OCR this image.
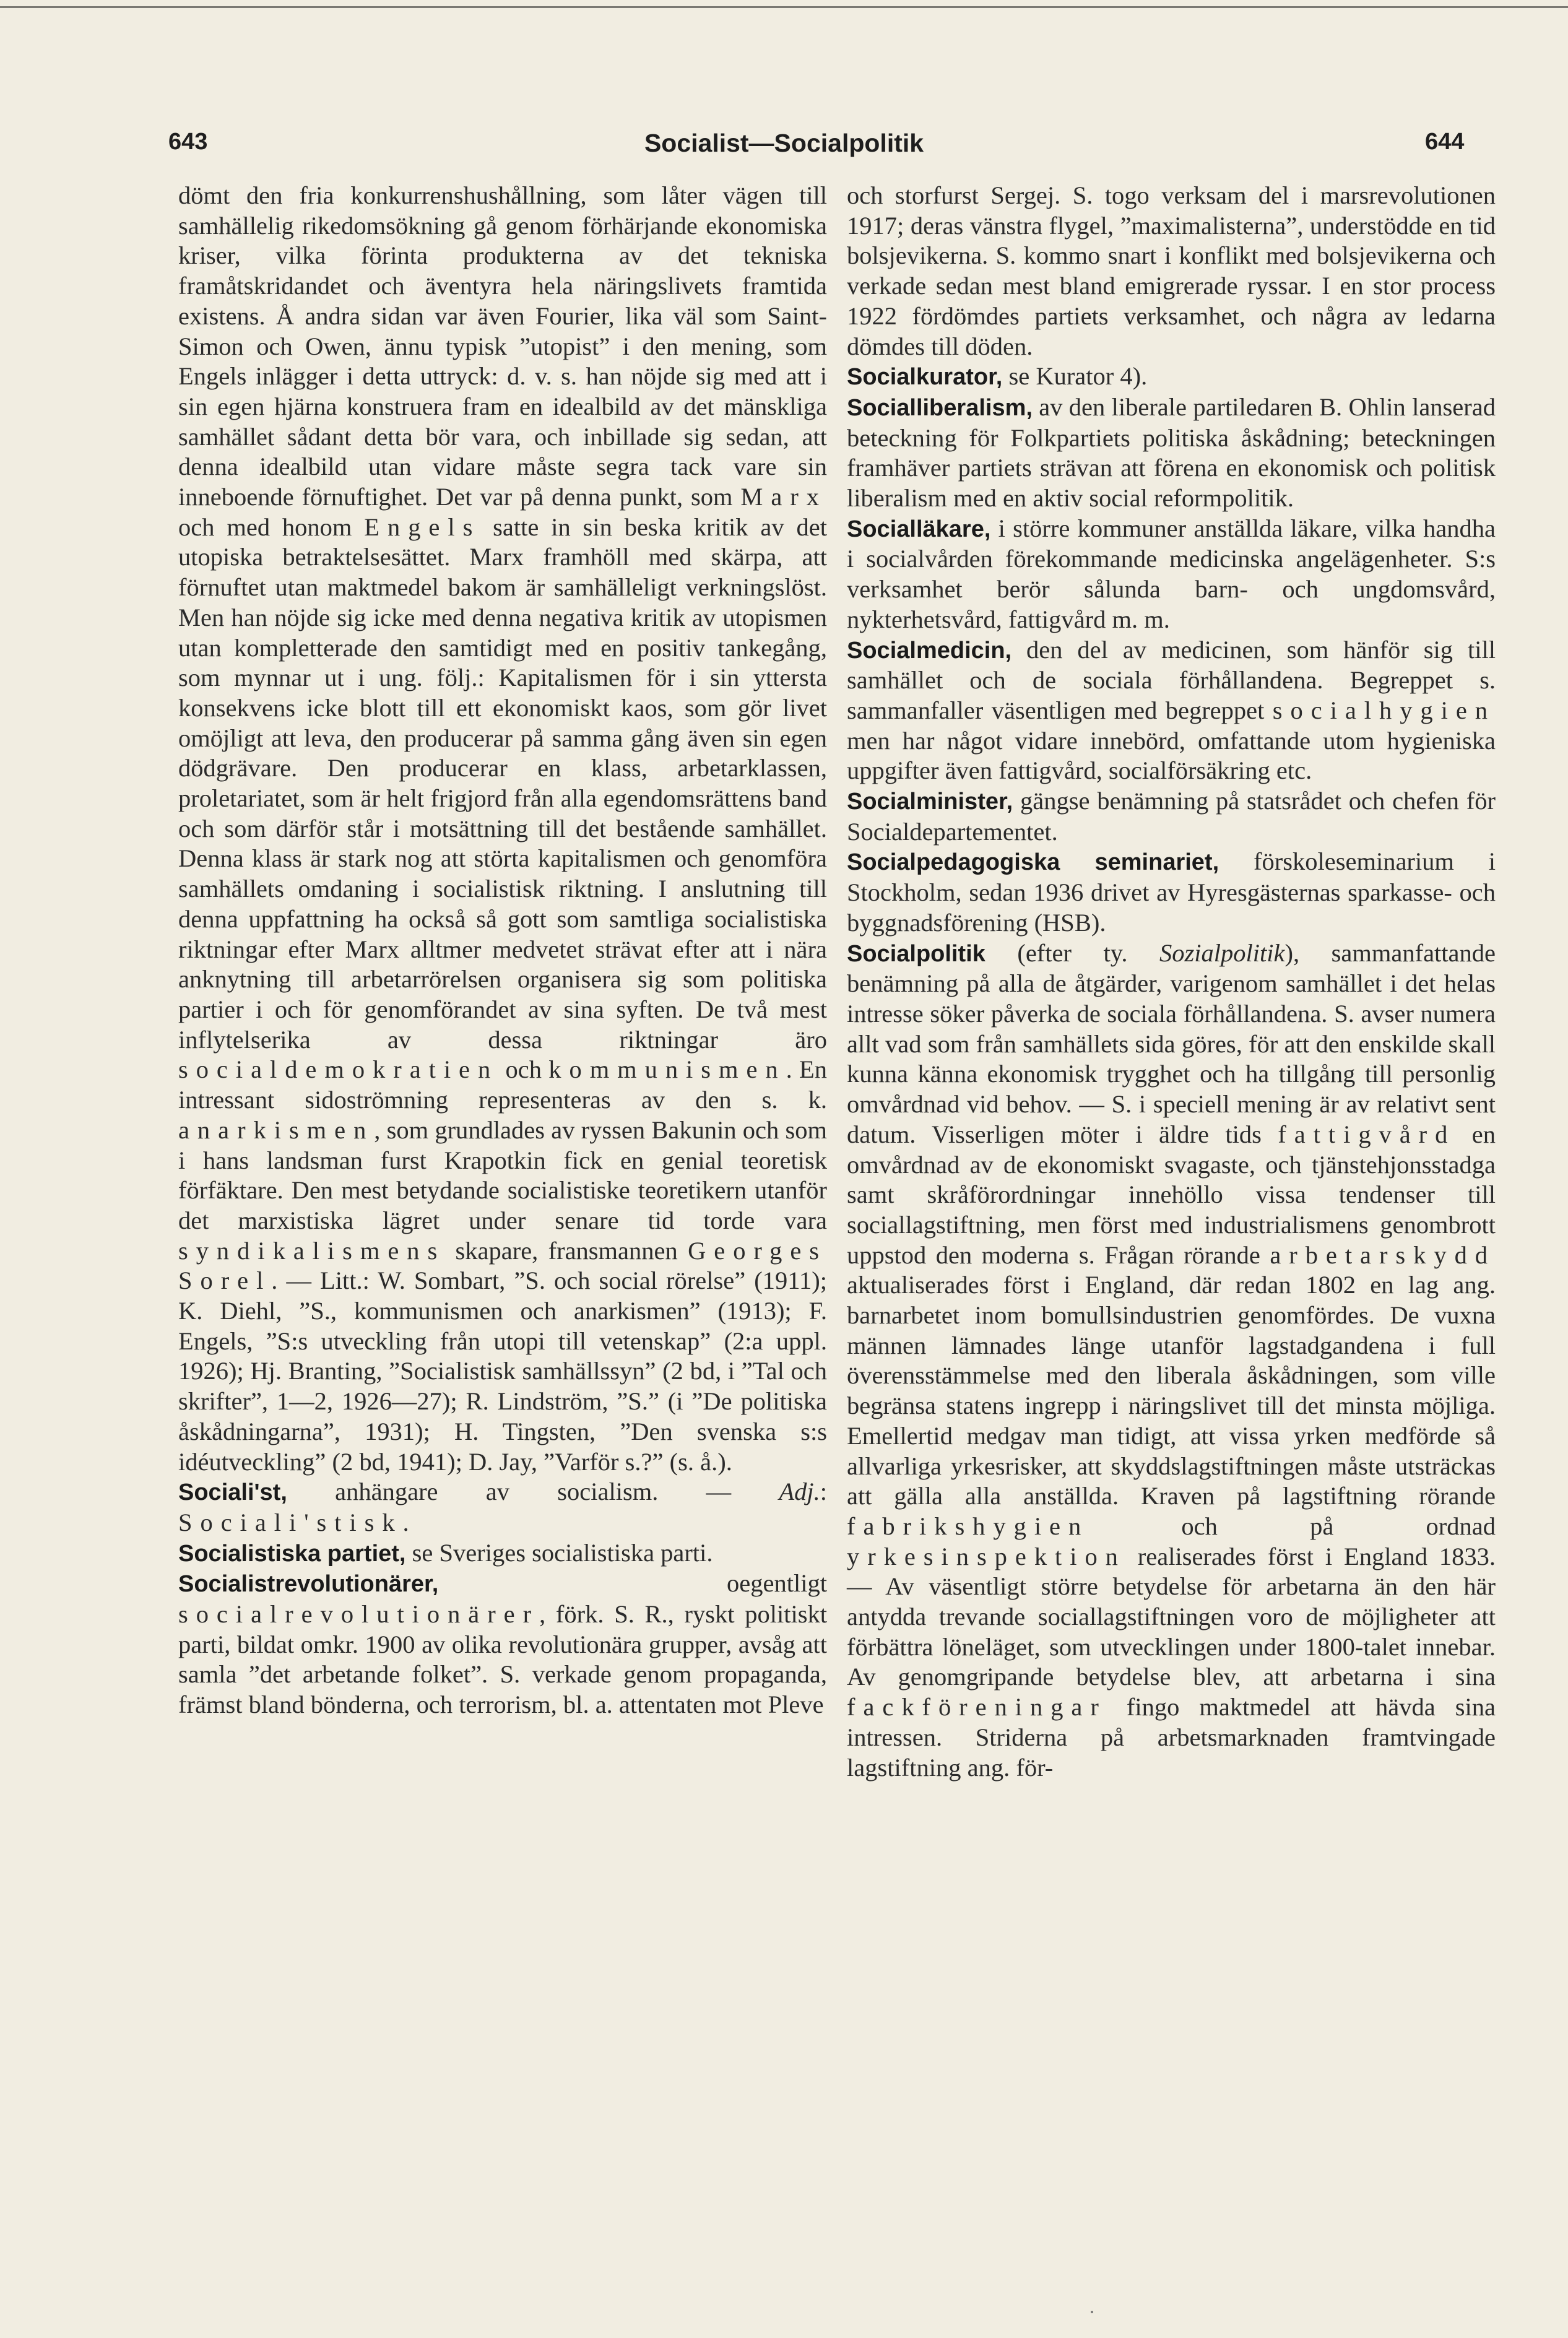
643	Socialist—Socialpolitik	644

dömt den fria konkurrenshushållning, som låter vägen till samhällelig rikedomsökning gå genom förhärjande ekonomiska kriser, vilka förinta produkterna av det tekniska framåtskridandet och äventyra hela näringslivets framtida existens. Å andra sidan var även Fourier, lika väl som Saint-Simon och Owen, ännu typisk ”utopist” i den mening, som Engels inlägger i detta uttryck: d. v. s. han nöjde sig med att i sin egen hjärna konstruera fram en idealbild av det mänskliga samhället sådant detta bör vara, och inbillade sig sedan, att denna idealbild utan vidare måste segra tack vare sin inneboende förnuftighet. Det var på denna punkt, som Marx och med honom Engels satte in sin beska kritik av det utopiska betraktelsesättet. Marx framhöll med skärpa, att förnuftet utan maktmedel bakom är samhälleligt verkningslöst. Men han nöjde sig icke med denna negativa kritik av utopismen utan kompletterade den samtidigt med en positiv tankegång, som mynnar ut i ung. följ.: Kapitalismen för i sin yttersta konsekvens icke blott till ett ekonomiskt kaos, som gör livet omöjligt att leva, den producerar på samma gång även sin egen dödgrävare. Den producerar en klass, arbetarklassen, proletariatet, som är helt frigjord från alla egendomsrättens band och som därför står i motsättning till det bestående samhället. Denna klass är stark nog att störta kapitalismen och genomföra samhällets omdaning i socialistisk riktning. I anslutning till denna uppfattning ha också så gott som samtliga socialistiska riktningar efter Marx alltmer medvetet strävat efter att i nära anknytning till arbetarrörelsen organisera sig som politiska partier i och för genomförandet av sina syften. De två mest inflytelserika av dessa riktningar äro socialdemokratien och kommunismen. En intressant sidoströmning representeras av den s. k. anarkismen, som grundlades av ryssen Bakunin och som i hans landsman furst Krapotkin fick en genial teoretisk förfäktare. Den mest betydande socialistiske teoretikern utanför det marxistiska lägret under senare tid torde vara syndikalismens skapare, fransmannen Georges Sorel. — Litt.: W. Sombart, ”S. och social rörelse” (1911); K. Diehl, ”S., kommunismen och anarkismen” (1913); F. Engels, ”S:s utveckling från utopi till vetenskap” (2:a uppl. 1926); Hj. Branting, ”Socialistisk samhällssyn” (2 bd, i ”Tal och skrifter”, 1—2, 1926—27); R. Lindström, ”S.” (i ”De politiska åskådningarna”, 1931); H. Tingsten, ”Den svenska s:s idéutveckling” (2 bd, 1941); D. Jay, ”Varför s.?” (s. å.).

Sociali'st, anhängare av socialism. — Adj.: Sociali'stisk.

Socialistiska partiet, se Sveriges socialistiska parti.

Socialistrevolutionärer, oegentligt socialrevolutionärer, förk. S. R., ryskt politiskt parti, bildat omkr. 1900 av olika revolutionära grupper, avsåg att samla ”det arbetande folket”. S. verkade genom propaganda, främst bland bönderna, och terrorism, bl. a. attentaten mot Pleve

och storfurst Sergej. S. togo verksam del i marsrevolutionen 1917; deras vänstra flygel, ”maximalisterna”, understödde en tid bolsjevikerna. S. kommo snart i konflikt med bolsjevikerna och verkade sedan mest bland emigrerade ryssar. I en stor process 1922 fördömdes partiets verksamhet, och några av ledarna dömdes till döden.

Socialkurator, se Kurator 4).

Socialliberalism, av den liberale partiledaren B. Ohlin lanserad beteckning för Folkpartiets politiska åskådning; beteckningen framhäver partiets strävan att förena en ekonomisk och politisk liberalism med en aktiv social reformpolitik.

Socialläkare, i större kommuner anställda läkare, vilka handha i socialvården förekommande medicinska angelägenheter. S:s verksamhet berör sålunda barn- och ungdomsvård, nykterhetsvård, fattigvård m. m.

Socialmedicin, den del av medicinen, som hänför sig till samhället och de sociala förhållandena. Begreppet s. sammanfaller väsentligen med begreppet socialhygien men har något vidare innebörd, omfattande utom hygieniska uppgifter även fattigvård, socialförsäkring etc.

Socialminister, gängse benämning på statsrådet och chefen för Socialdepartementet.

Socialpedagogiska seminariet, förskoleseminarium i Stockholm, sedan 1936 drivet av Hyresgästernas sparkasse- och byggnadsförening (HSB).

Socialpolitik (efter ty. Sozialpolitik), sammanfattande benämning på alla de åtgärder, varigenom samhället i det helas intresse söker påverka de sociala förhållandena. S. avser numera allt vad som från samhällets sida göres, för att den enskilde skall kunna känna ekonomisk trygghet och ha tillgång till personlig omvårdnad vid behov. — S. i speciell mening är av relativt sent datum. Visserligen möter i äldre tids fattigvård en omvårdnad av de ekonomiskt svagaste, och tjänstehjonsstadga samt skråförordningar innehöllo vissa tendenser till sociallagstiftning, men först med industrialismens genombrott uppstod den moderna s. Frågan rörande arbetarskydd aktualiserades först i England, där redan 1802 en lag ang. barnarbetet inom bomullsindustrien genomfördes. De vuxna männen lämnades länge utanför lagstadgandena i full överensstämmelse med den liberala åskådningen, som ville begränsa statens ingrepp i näringslivet till det minsta möjliga. Emellertid medgav man tidigt, att vissa yrken medförde så allvarliga yrkesrisker, att skyddslagstiftningen måste utsträckas att gälla alla anställda. Kraven på lagstiftning rörande fabrikshygien och på ordnad yrkesinspektion realiserades först i England 1833. — Av väsentligt större betydelse för arbetarna än den här antydda trevande sociallagstiftningen voro de möjligheter att förbättra löneläget, som utvecklingen under 1800-talet innebar. Av genomgripande betydelse blev, att arbetarna i sina fackföreningar fingo maktmedel att hävda sina intressen. Striderna på arbetsmarknaden framtvingade lagstiftning ang. för-
